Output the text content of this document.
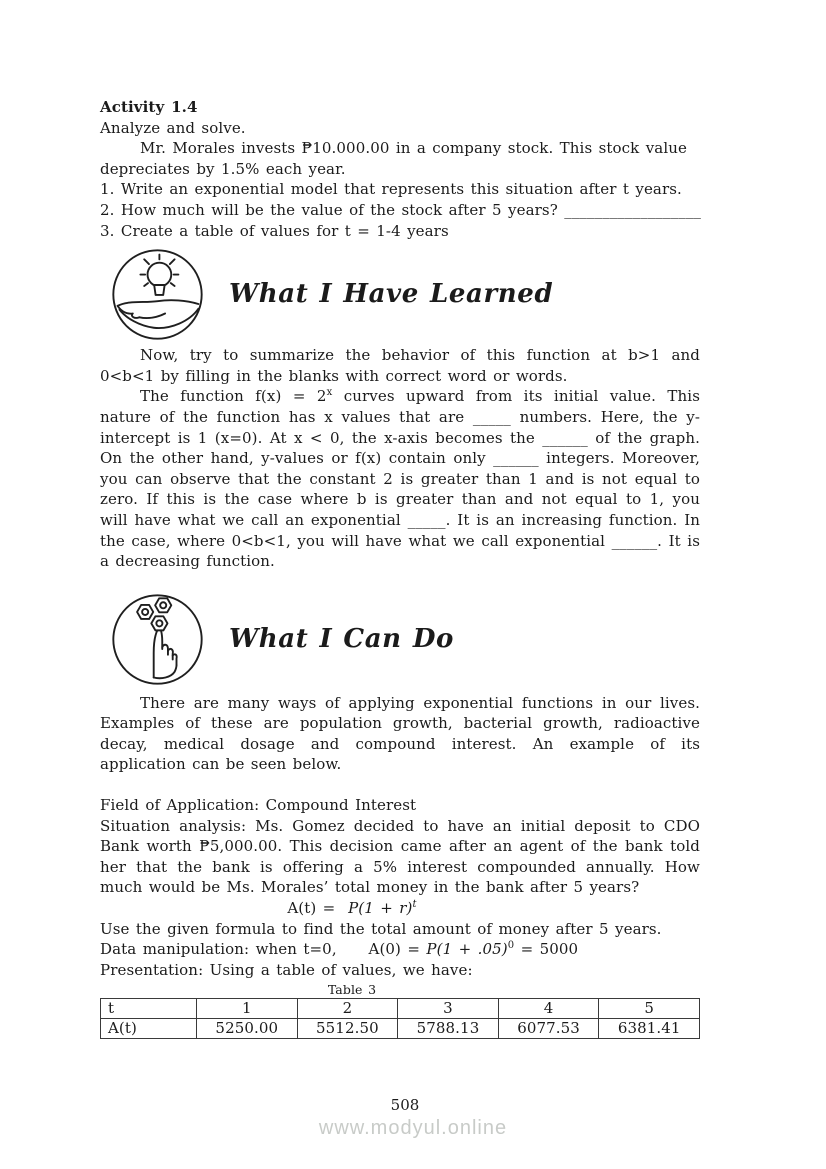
Activity 1.4
Analyze and solve.

Mr. Morales invests ₱10.000.00 in a company stock. This stock value depreciates by 1.5% each year.

1. Write an exponential model that represents this situation after t years.
2. How much will be the value of the stock after 5 years? __________________
3. Create a table of values for t = 1-4 years
What I Have Learned

Now, try to summarize the behavior of this function at b>1 and 0<b<1 by filling in the blanks with correct word or words.

The function $f(x) = 2^x$ curves upward from its initial value. This nature of the function has x values that are _____ numbers. Here, the y-intercept is 1 (x=0). At x < 0, the x-axis becomes the ______ of the graph. On the other hand, y-values or f(x) contain only ______ integers. Moreover, you can observe that the constant 2 is greater than 1 and is not equal to zero. If this is the case where b is greater than and not equal to 1, you will have what we call an exponential _____. It is an increasing function. In the case, where 0<b<1, you will have what we call exponential ______. It is a decreasing function.

What I Can Do

There are many ways of applying exponential functions in our lives. Examples of these are population growth, bacterial growth, radioactive decay, medical dosage and compound interest. An example of its application can be seen below.

Field of Application: Compound Interest

Situation analysis: Ms. Gomez decided to have an initial deposit to CDO Bank worth ₱5,000.00. This decision came after an agent of the bank told her that the bank is offering a 5% interest compounded annually. How much would be Ms. Morales’ total money in the bank after 5 years?

$A(t) = P(1 + r)^t$
Use the given formula to find the total amount of money after 5 years.
Data manipulation: when t=0,     $A(0) = P(1 + .05)^0 = 5000$
Presentation: Using a table of values, we have:
Table 3
t	1	2	3	4	5
A(t)	5250.00	5512.50	5788.13	6077.53	6381.41
508
www.modyul.online
